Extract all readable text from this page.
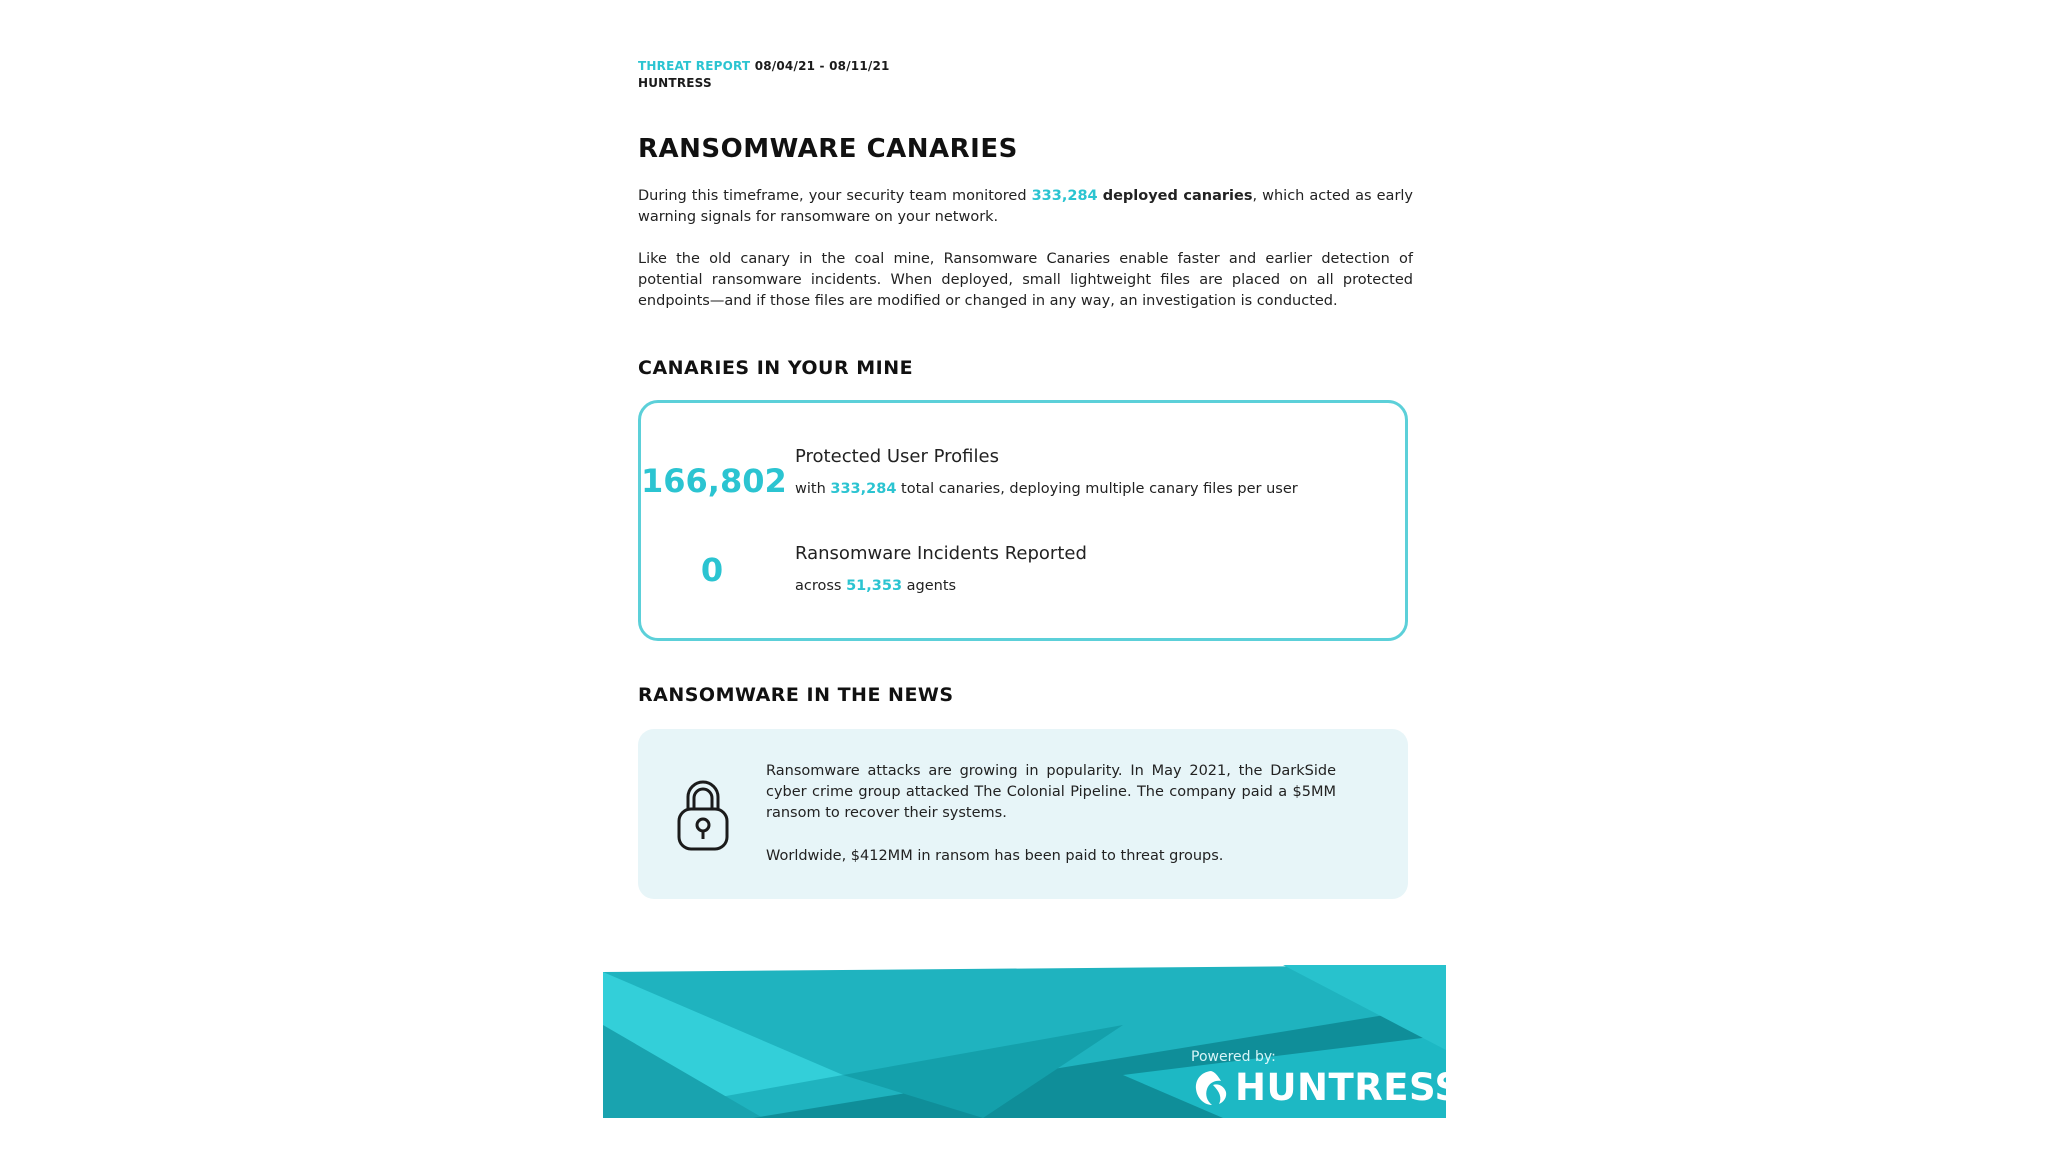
THREAT REPORT 08/04/21 - 08/11/21
HUNTRESS
RANSOMWARE CANARIES

During this timeframe, your security team monitored 333,284 deployed canaries, which acted as early warning signals for ransomware on your network.

Like the old canary in the coal mine, Ransomware Canaries enable faster and earlier detection of potential ransomware incidents. When deployed, small lightweight files are placed on all protected endpoints—and if those files are modified or changed in any way, an investigation is conducted.

CANARIES IN YOUR MINE
166,802
Protected User Profiles
with 333,284 total canaries, deploying multiple canary files per user
0	Ransomware Incidents Reported
across 51,353 agents
RANSOMWARE IN THE NEWS

Ransomware attacks are growing in popularity. In May 2021, the DarkSide cyber crime group attacked The Colonial Pipeline. The company paid a $5MM ransom to recover their systems.

Worldwide, $412MM in ransom has been paid to threat groups.

Powered by:
HUNTRESS
